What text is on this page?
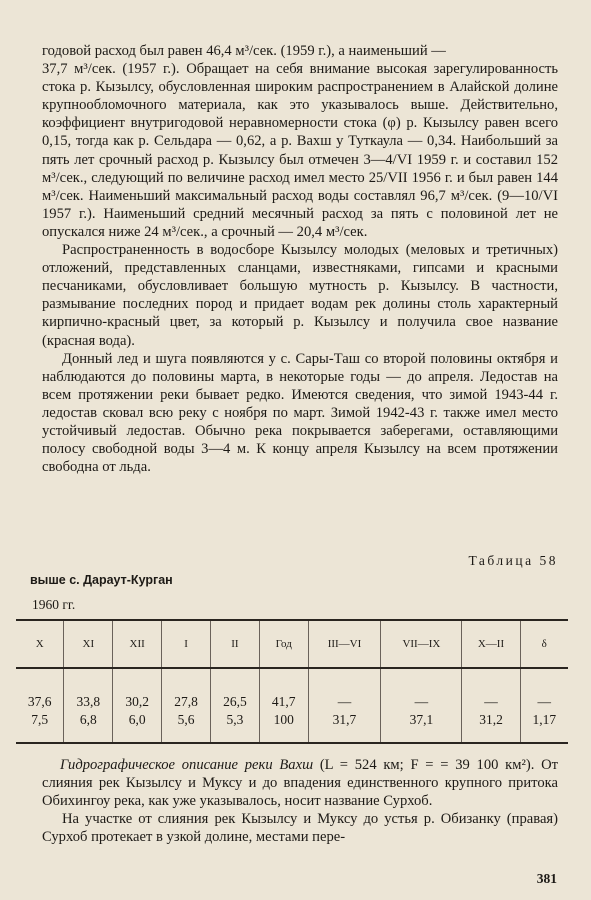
годовой расход был равен 46,4 м³/сек. (1959 г.), а наименьший —

37,7 м³/сек. (1957 г.). Обращает на себя внимание высокая зарегулированность стока р. Кызылсу, обусловленная широким распространением в Алайской долине крупнообломочного материала, как это указывалось выше. Действительно, коэффициент внутригодовой неравномерности стока (φ) р. Кызылсу равен всего 0,15, тогда как р. Сельдара — 0,62, а р. Вахш у Туткаула — 0,34. Наибольший за пять лет срочный расход р. Кызылсу был отмечен 3—4/VI 1959 г. и составил 152 м³/сек., следующий по величине расход имел место 25/VII 1956 г. и был равен 144 м³/сек. Наименьший максимальный расход воды составлял 96,7 м³/сек. (9—10/VI 1957 г.). Наименьший средний месячный расход за пять с половиной лет не опускался ниже 24 м³/сек., а срочный — 20,4 м³/сек.

Распространенность в водосборе Кызылсу молодых (меловых и третичных) отложений, представленных сланцами, известняками, гипсами и красными песчаниками, обусловливает большую мутность р. Кызылсу. В частности, размывание последних пород и придает водам рек долины столь характерный кирпично-красный цвет, за который р. Кызылсу и получила свое название (красная вода).

Донный лед и шуга появляются у с. Сары-Таш со второй половины октября и наблюдаются до половины марта, в некоторые годы — до апреля. Ледостав на всем протяжении реки бывает редко. Имеются сведения, что зимой 1943-44 г. ледостав сковал всю реку с ноября по март. Зимой 1942-43 г. также имел место устойчивый ледостав. Обычно река покрывается заберегами, оставляющими полосу свободной воды 3—4 м. К концу апреля Кызылсу на всем протяжении свободна от льда.

Таблица 58
выше с. Дараут-Курган
1960 гг.
X	XI	XII	I	II	Год	III—VI	VII—IX	X—II	δ

37,6	33,8	30,2	27,8	26,5	41,7	—	—	—	—
7,5	6,8	6,0	5,6	5,3	100	31,7	37,1	31,2	1,17

Гидрографическое описание реки Вахш (L = 524 км; F = = 39 100 км²). От слияния рек Кызылсу и Муксу и до впадения единственного крупного притока Обихингоу река, как уже указывалось, носит название Сурхоб.

На участке от слияния рек Кызылсу и Муксу до устья р. Обизанку (правая) Сурхоб протекает в узкой долине, местами пере-

381
